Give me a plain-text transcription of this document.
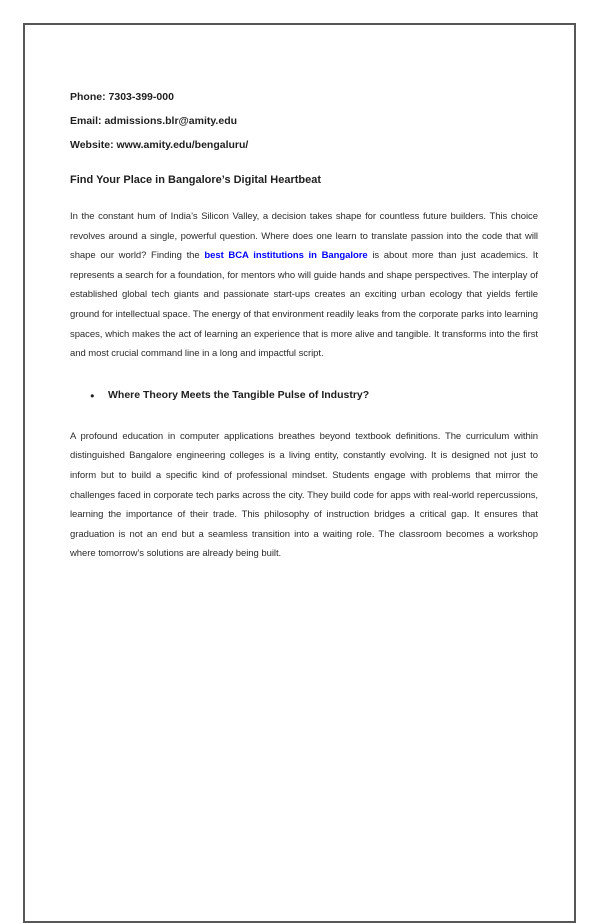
Phone: 7303-399-000

Email: admissions.blr@amity.edu

Website: www.amity.edu/bengaluru/

Find Your Place in Bangalore’s Digital Heartbeat

In the constant hum of India’s Silicon Valley, a decision takes shape for countless future builders. This choice revolves around a single, powerful question. Where does one learn to translate passion into the code that will shape our world? Finding the best BCA institutions in Bangalore is about more than just academics. It represents a search for a foundation, for mentors who will guide hands and shape perspectives. The interplay of established global tech giants and passionate start-ups creates an exciting urban ecology that yields fertile ground for intellectual space. The energy of that environment readily leaks from the corporate parks into learning spaces, which makes the act of learning an experience that is more alive and tangible. It transforms into the first and most crucial command line in a long and impactful script.

●	Where Theory Meets the Tangible Pulse of Industry?

A profound education in computer applications breathes beyond textbook definitions. The curriculum within distinguished Bangalore engineering colleges is a living entity, constantly evolving. It is designed not just to inform but to build a specific kind of professional mindset. Students engage with problems that mirror the challenges faced in corporate tech parks across the city. They build code for apps with real-world repercussions, learning the importance of their trade. This philosophy of instruction bridges a critical gap. It ensures that graduation is not an end but a seamless transition into a waiting role. The classroom becomes a workshop where tomorrow’s solutions are already being built.
